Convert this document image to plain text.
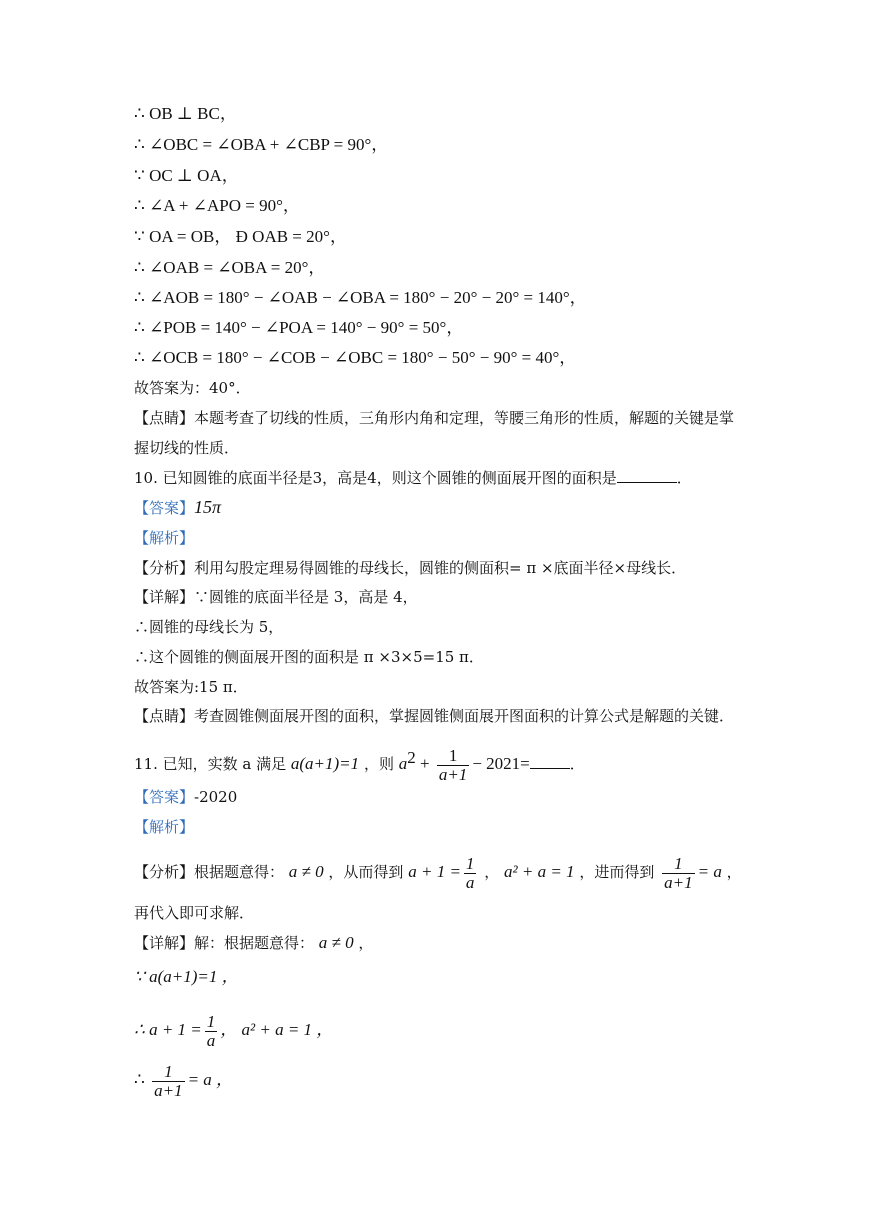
∴ OB ⊥ BC，
∴ ∠OBC = ∠OBA + ∠CBP = 90°，
∵ OC ⊥ OA，
∴ ∠A + ∠APO = 90°，
∵ OA = OB， Ð OAB = 20°，
∴ ∠OAB = ∠OBA = 20°，
∴ ∠AOB = 180° − ∠OAB − ∠OBA = 180° − 20° − 20° = 140°，
∴ ∠POB = 140° − ∠POA = 140° − 90° = 50°，
∴ ∠OCB = 180° − ∠COB − ∠OBC = 180° − 50° − 90° = 40°，
故答案为：40°．
【点睛】本题考查了切线的性质，三角形内角和定理，等腰三角形的性质，解题的关键是掌
握切线的性质．
10. 已知圆锥的底面半径是3，高是4，则这个圆锥的侧面展开图的面积是	．
【答案】15π
【解析】
【分析】利用勾股定理易得圆锥的母线长，圆锥的侧面积= π ×底面半径×母线长．
【详解】∵圆锥的底面半径是 3，高是 4，
∴圆锥的母线长为 5，
∴这个圆锥的侧面展开图的面积是 π ×3×5=15 π．
故答案为:15 π．
【点睛】考查圆锥侧面展开图的面积，掌握圆锥侧面展开图面积的计算公式是解题的关键．
11. 已知，实数 a 满足 a(a+1)=1 ，则 $a^2 + \frac{1}{a+1} - 2021=$	．
【答案】-2020
【解析】
【分析】根据题意得： a ≠ 0 ，从而得到 $a + 1 = \frac{1}{a}$ ， a² + a = 1 ，进而得到 $\frac{1}{a+1} = a$ ，
再代入即可求解．
【详解】解：根据题意得： a ≠ 0 ，
∵ a(a+1)=1 ，
∴ $a + 1 = \frac{1}{a}$ ， a² + a = 1 ，
∴ $\frac{1}{a+1} = a$ ，
